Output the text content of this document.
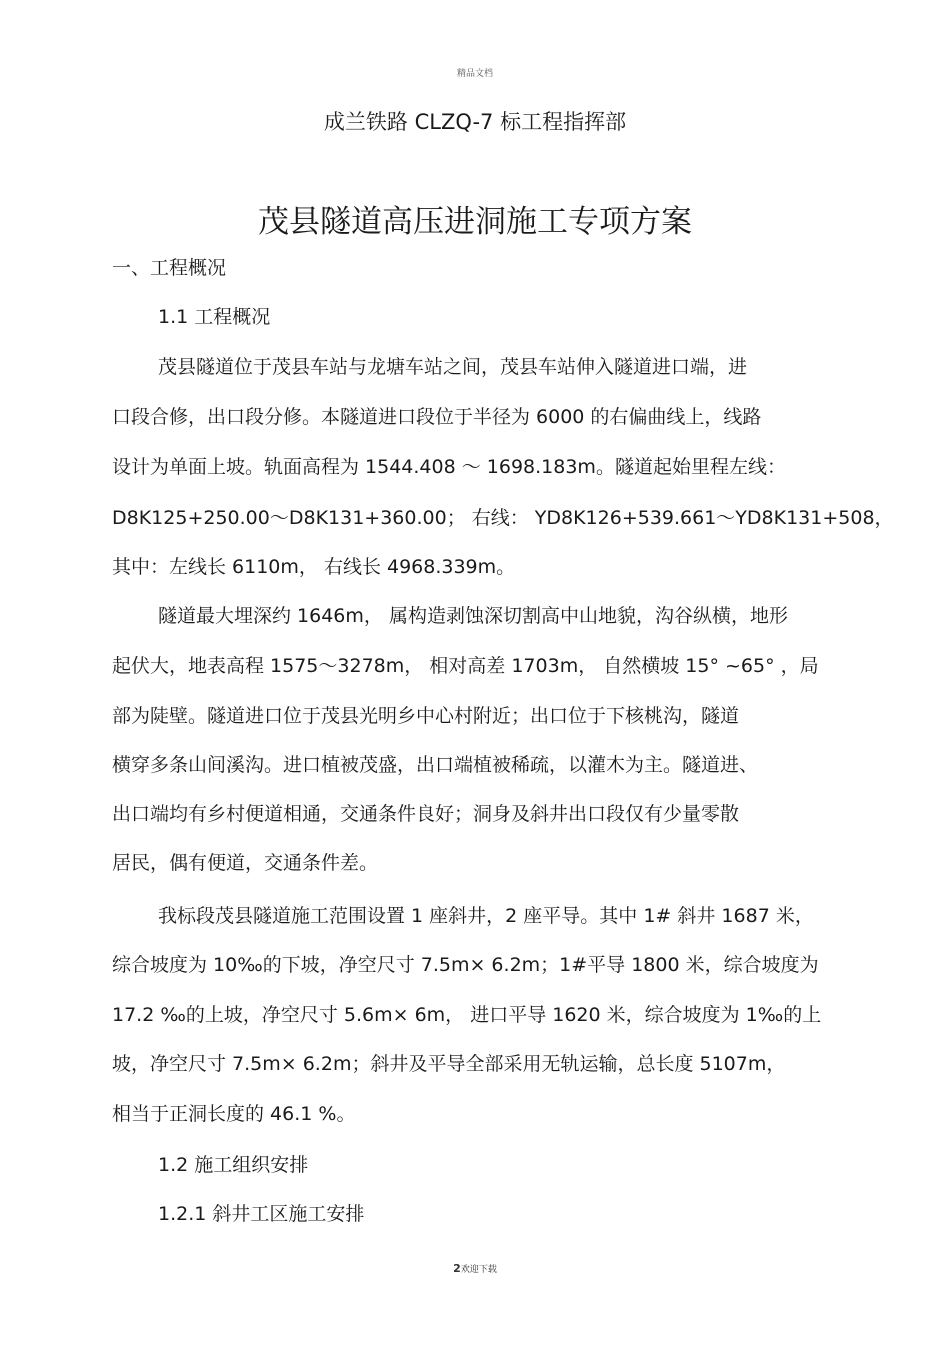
精品文档
成兰铁路 CLZQ-7 标工程指挥部
茂县隧道高压进洞施工专项方案
一、工程概况
1.1 工程概况
茂县隧道位于茂县车站与龙塘车站之间，茂县车站伸入隧道进口端，进
口段合修，出口段分修。本隧道进口段位于半径为 6000 的右偏曲线上，线路
设计为单面上坡。轨面高程为 1544.408 ～ 1698.183m。隧道起始里程左线：
D8K125+250.00～D8K131+360.00； 右线： YD8K126+539.661～YD8K131+508，
其中：左线长 6110m， 右线长 4968.339m。
隧道最大埋深约 1646m， 属构造剥蚀深切割高中山地貌，沟谷纵横，地形
起伏大，地表高程 1575～3278m， 相对高差 1703m， 自然横坡 15° ~65° ，局
部为陡壁。隧道进口位于茂县光明乡中心村附近；出口位于下核桃沟，隧道
横穿多条山间溪沟。进口植被茂盛，出口端植被稀疏，以灌木为主。隧道进、
出口端均有乡村便道相通，交通条件良好；洞身及斜井出口段仅有少量零散
居民，偶有便道，交通条件差。
我标段茂县隧道施工范围设置 1 座斜井，2 座平导。其中 1# 斜井 1687 米，
综合坡度为 10‰的下坡，净空尺寸 7.5m× 6.2m；1#平导 1800 米，综合坡度为
17.2 ‰的上坡，净空尺寸 5.6m× 6m， 进口平导 1620 米，综合坡度为 1‰的上
坡，净空尺寸 7.5m× 6.2m；斜井及平导全部采用无轨运输，总长度 5107m，
相当于正洞长度的 46.1 %。
1.2 施工组织安排
1.2.1 斜井工区施工安排
2欢迎下载
